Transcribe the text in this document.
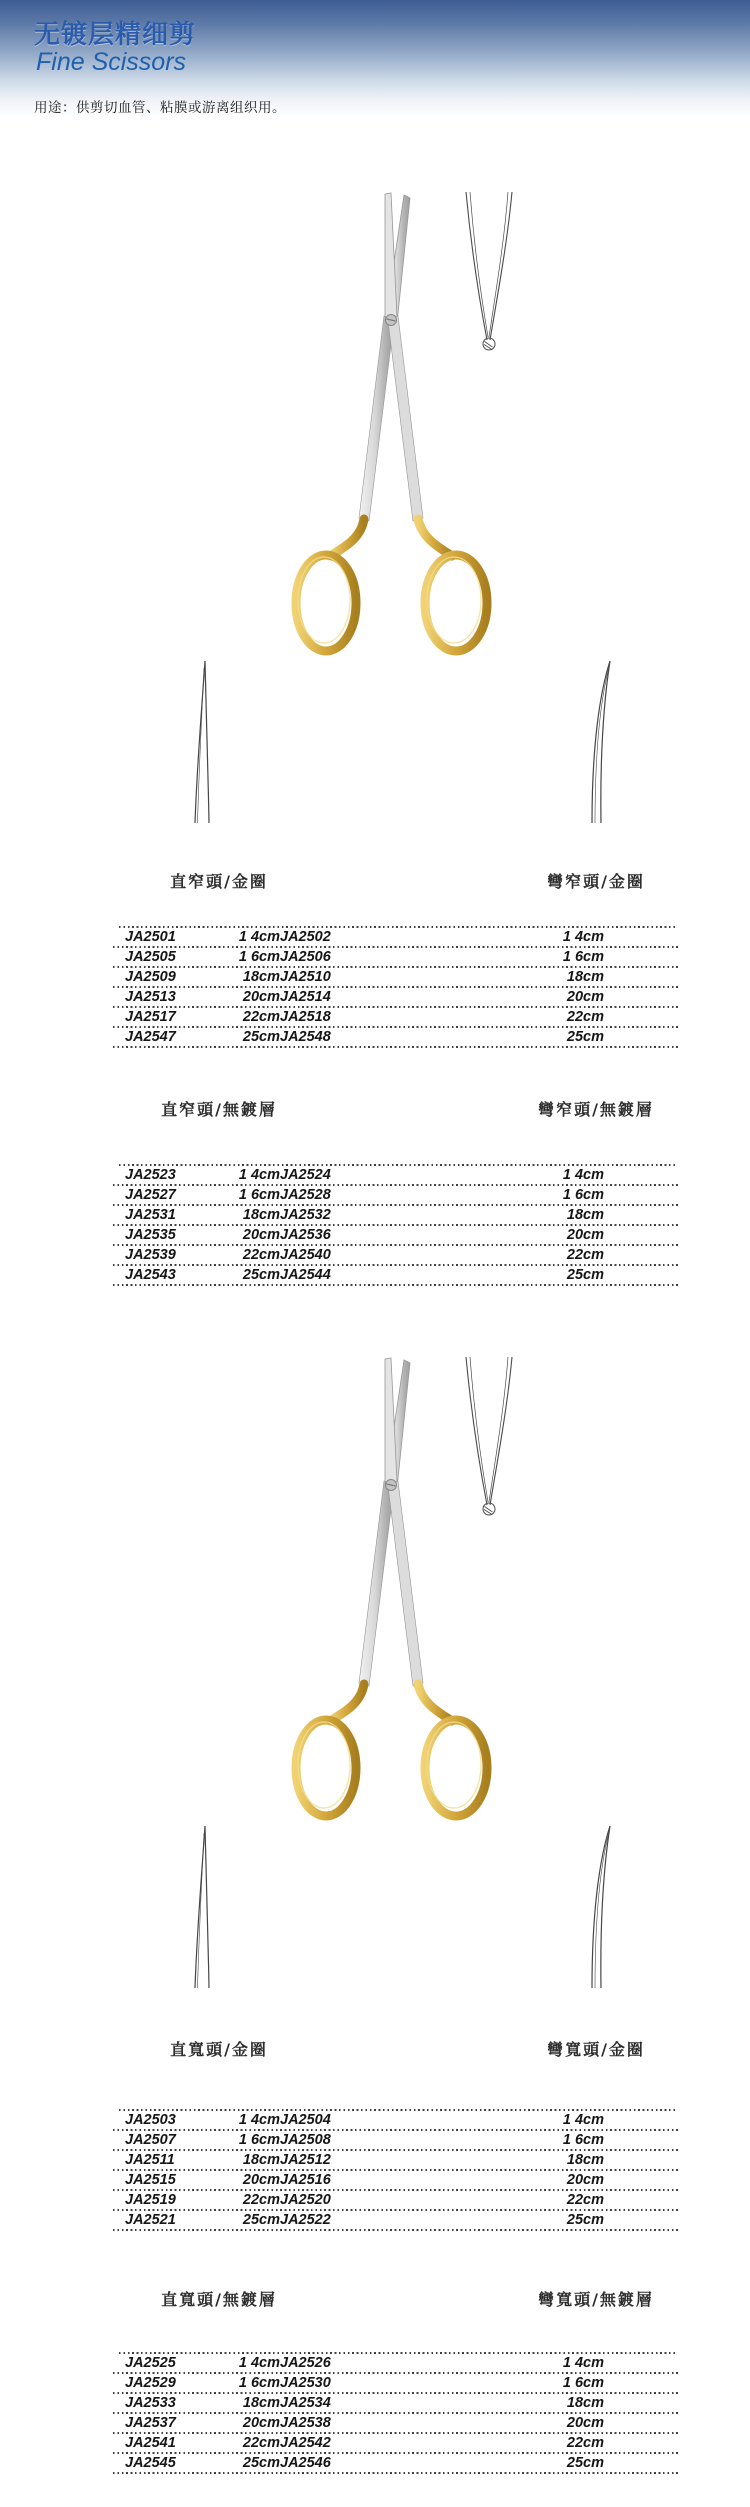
无镀层精细剪
Fine Scissors
用途：供剪切血管、粘膜或游离组织用。
直窄頭/金圈	彎窄頭/金圈
JA2501	1 4cm JA2502	1 4cm
JA2505	1 6cm JA2506	1 6cm
JA2509	18cm JA2510	18cm
JA2513	20cm JA2514	20cm
JA2517	22cm JA2518	22cm
JA2547	25cm JA2548	25cm
直窄頭/無鍍層	彎窄頭/無鍍層
JA2523	1 4cm JA2524	1 4cm
JA2527	1 6cm JA2528	1 6cm
JA2531	18cm JA2532	18cm
JA2535	20cm JA2536	20cm
JA2539	22cm JA2540	22cm
JA2543	25cm JA2544	25cm
直寬頭/金圈	彎寬頭/金圈
JA2503	1 4cm JA2504	1 4cm
JA2507	1 6cm JA2508	1 6cm
JA2511	18cm JA2512	18cm
JA2515	20cm JA2516	20cm
JA2519	22cm JA2520	22cm
JA2521	25cm JA2522	25cm
直寬頭/無鍍層	彎寬頭/無鍍層
JA2525	1 4cm JA2526	1 4cm
JA2529	1 6cm JA2530	1 6cm
JA2533	18cm JA2534	18cm
JA2537	20cm JA2538	20cm
JA2541	22cm JA2542	22cm
JA2545	25cm JA2546	25cm
